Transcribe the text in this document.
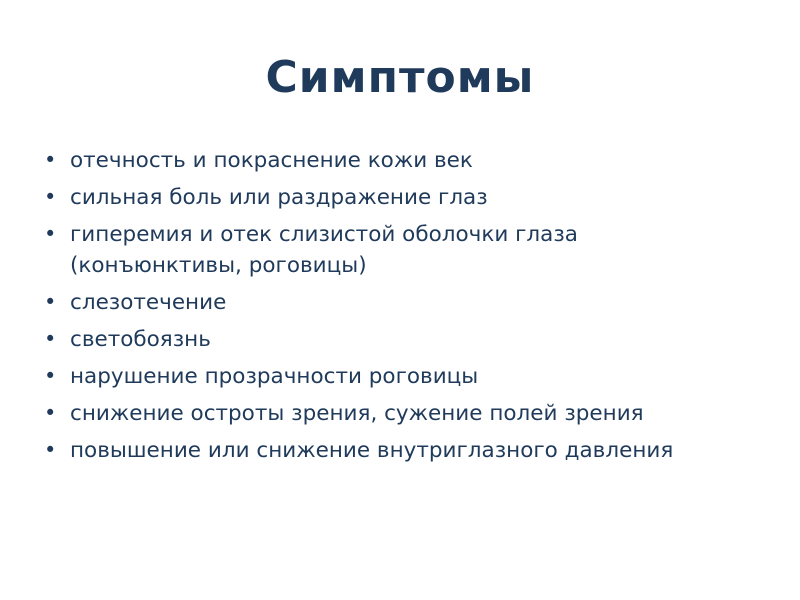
Симптомы
• отечность и покраснение кожи век
• сильная боль или раздражение глаз
• гиперемия и отек слизистой оболочки глаза (конъюнктивы, роговицы)
• слезотечение
• светобоязнь
• нарушение прозрачности роговицы
• снижение остроты зрения, сужение полей зрения
• повышение или снижение внутриглазного давления
